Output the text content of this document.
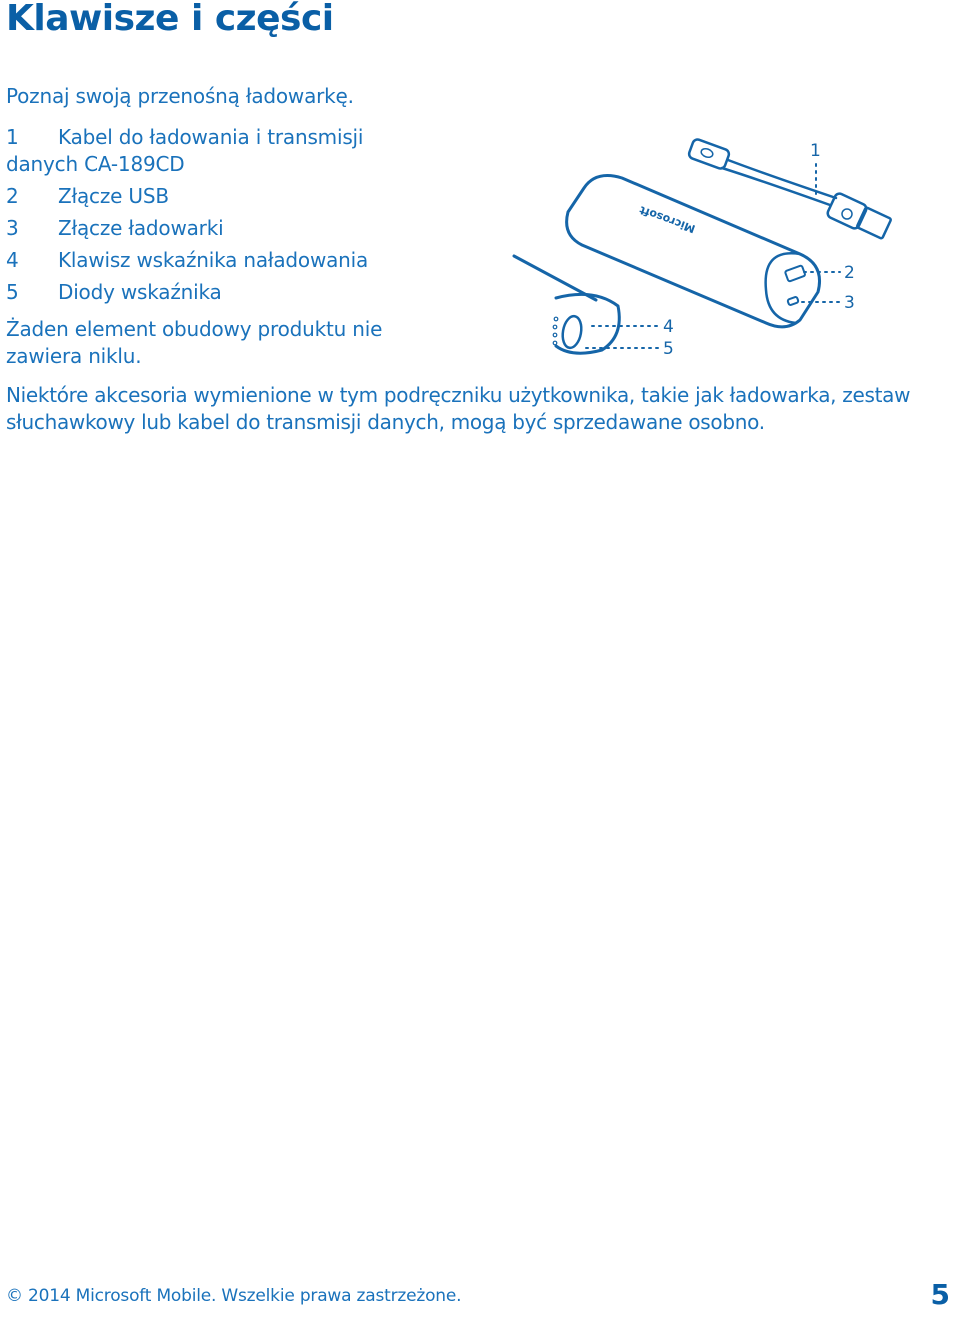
Klawisze i części

Poznaj swoją przenośną ładowarkę.

1 Kabel do ładowania i transmisji danych CA-189CD
2 Złącze USB
3 Złącze ładowarki
4 Klawisz wskaźnika naładowania
5 Diody wskaźnika

Żaden element obudowy produktu nie zawiera niklu.

Microsoft
1
2
3
4
5

Niektóre akcesoria wymienione w tym podręczniku użytkownika, takie jak ładowarka, zestaw słuchawkowy lub kabel do transmisji danych, mogą być sprzedawane osobno.

© 2014 Microsoft Mobile. Wszelkie prawa zastrzeżone.	5
